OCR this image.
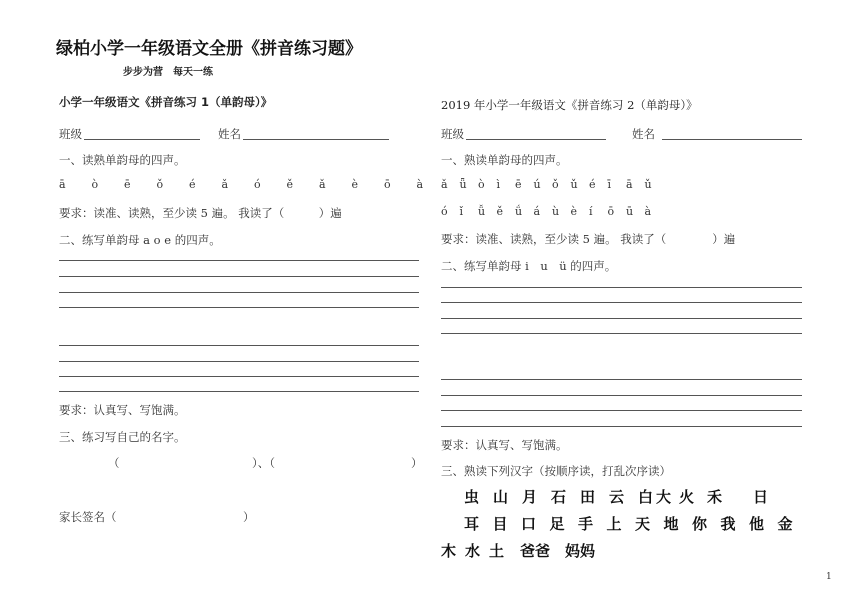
绿柏小学一年级语文全册《拼音练习题》
步步为营　每天一练
小学一年级语文《拼音练习 1（单韵母）》
班级	姓名
一、读熟单韵母的四声。
ā ò ē ǒ é ǎ ó ě ǎ è ō à
要求：读准、读熟，至少读 5 遍。 我读了（　　　）遍
二、练写单韵母 a o e 的四声。
要求：认真写、写饱满。
三、练习写自己的名字。
（	）、（	）
家长签名（　　　　　　　　　　　）
2019 年小学一年级语文《拼音练习 2（单韵母）》
班级	姓名
一、熟读单韵母的四声。
ǎ ǖ ò ì ē ú ǒ ǔ é ī ā ǔ
ó ǐ ǚ ě ǘ á ù è í ō ū à
要求：读准、读熟，至少读 5 遍。 我读了（　　　　）遍
二、练写单韵母 i　u　ü 的四声。
要求：认真写、写饱满。
三、熟读下列汉字（按顺序读，打乱次序读）
虫 山 月 石 田 云 白 大 火 禾 日
耳 目 口 足 手 上 天 地 你 我 他 金
木 水 土 爸爸 妈妈
1
